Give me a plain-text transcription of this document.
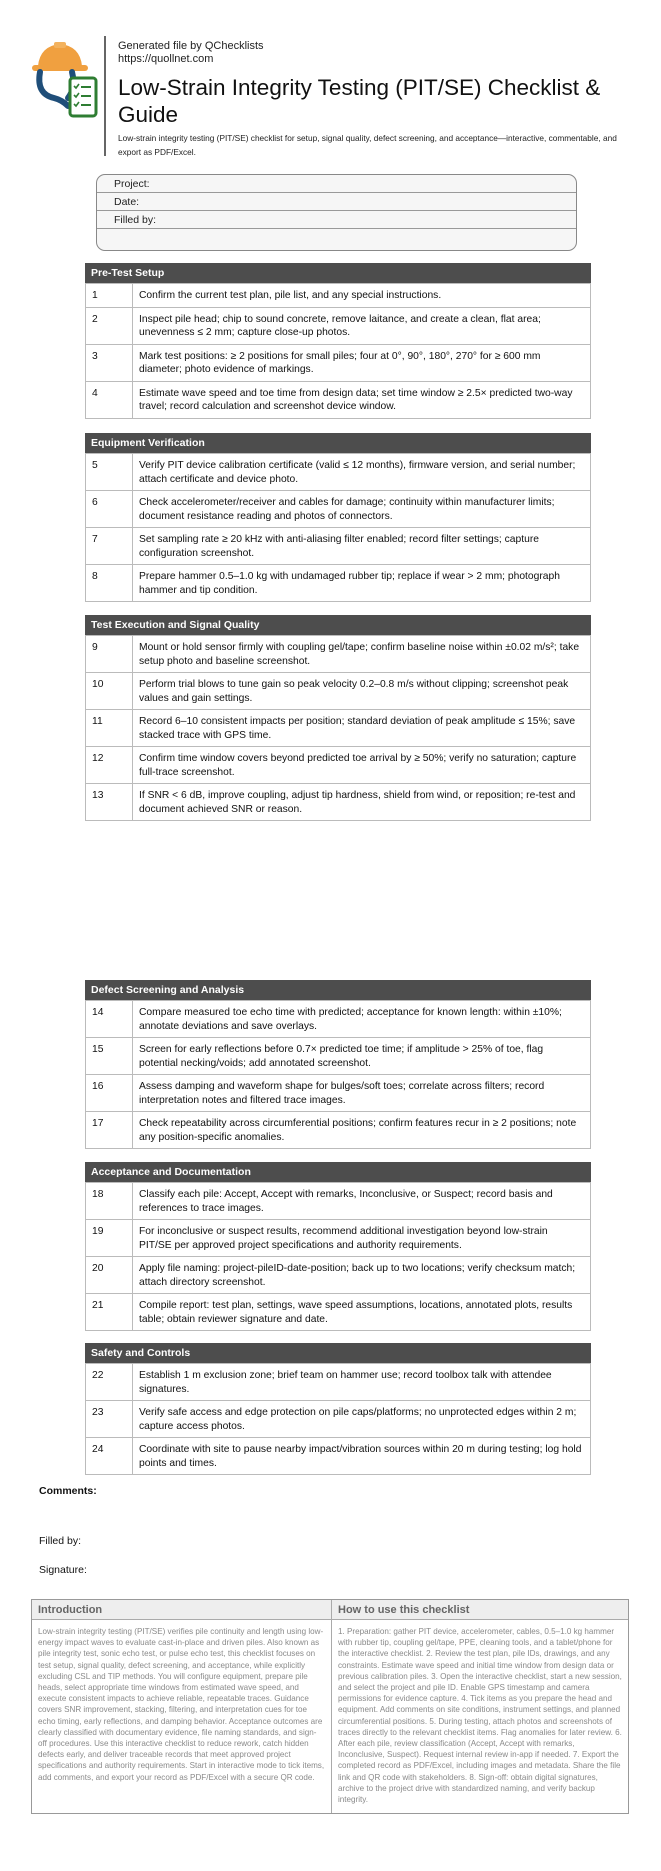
Generated file by QChecklists
https://quollnet.com
Low-Strain Integrity Testing (PIT/SE) Checklist & Guide
Low-strain integrity testing (PIT/SE) checklist for setup, signal quality, defect screening, and acceptance—interactive, commentable, and export as PDF/Excel.
Project:
Date:
Filled by:
Pre-Test Setup
1	Confirm the current test plan, pile list, and any special instructions.
2	Inspect pile head; chip to sound concrete, remove laitance, and create a clean, flat area; unevenness ≤ 2 mm; capture close-up photos.
3	Mark test positions: ≥ 2 positions for small piles; four at 0°, 90°, 180°, 270° for ≥ 600 mm diameter; photo evidence of markings.
4	Estimate wave speed and toe time from design data; set time window ≥ 2.5× predicted two-way travel; record calculation and screenshot device window.
Equipment Verification
5	Verify PIT device calibration certificate (valid ≤ 12 months), firmware version, and serial number; attach certificate and device photo.
6	Check accelerometer/receiver and cables for damage; continuity within manufacturer limits; document resistance reading and photos of connectors.
7	Set sampling rate ≥ 20 kHz with anti-aliasing filter enabled; record filter settings; capture configuration screenshot.
8	Prepare hammer 0.5–1.0 kg with undamaged rubber tip; replace if wear > 2 mm; photograph hammer and tip condition.
Test Execution and Signal Quality
9	Mount or hold sensor firmly with coupling gel/tape; confirm baseline noise within ±0.02 m/s²; take setup photo and baseline screenshot.
10	Perform trial blows to tune gain so peak velocity 0.2–0.8 m/s without clipping; screenshot peak values and gain settings.
11	Record 6–10 consistent impacts per position; standard deviation of peak amplitude ≤ 15%; save stacked trace with GPS time.
12	Confirm time window covers beyond predicted toe arrival by ≥ 50%; verify no saturation; capture full-trace screenshot.
13	If SNR < 6 dB, improve coupling, adjust tip hardness, shield from wind, or reposition; re-test and document achieved SNR or reason.
Defect Screening and Analysis
14	Compare measured toe echo time with predicted; acceptance for known length: within ±10%; annotate deviations and save overlays.
15	Screen for early reflections before 0.7× predicted toe time; if amplitude > 25% of toe, flag potential necking/voids; add annotated screenshot.
16	Assess damping and waveform shape for bulges/soft toes; correlate across filters; record interpretation notes and filtered trace images.
17	Check repeatability across circumferential positions; confirm features recur in ≥ 2 positions; note any position-specific anomalies.
Acceptance and Documentation
18	Classify each pile: Accept, Accept with remarks, Inconclusive, or Suspect; record basis and references to trace images.
19	For inconclusive or suspect results, recommend additional investigation beyond low-strain PIT/SE per approved project specifications and authority requirements.
20	Apply file naming: project-pileID-date-position; back up to two locations; verify checksum match; attach directory screenshot.
21	Compile report: test plan, settings, wave speed assumptions, locations, annotated plots, results table; obtain reviewer signature and date.
Safety and Controls
22	Establish 1 m exclusion zone; brief team on hammer use; record toolbox talk with attendee signatures.
23	Verify safe access and edge protection on pile caps/platforms; no unprotected edges within 2 m; capture access photos.
24	Coordinate with site to pause nearby impact/vibration sources within 20 m during testing; log hold points and times.
Comments:
Filled by:
Signature:
Introduction
Low-strain integrity testing (PIT/SE) verifies pile continuity and length using low-energy impact waves to evaluate cast-in-place and driven piles. Also known as pile integrity test, sonic echo test, or pulse echo test, this checklist focuses on test setup, signal quality, defect screening, and acceptance, while explicitly excluding CSL and TIP methods. You will configure equipment, prepare pile heads, select appropriate time windows from estimated wave speed, and execute consistent impacts to achieve reliable, repeatable traces. Guidance covers SNR improvement, stacking, filtering, and interpretation cues for toe echo timing, early reflections, and damping behavior. Acceptance outcomes are clearly classified with documentary evidence, file naming standards, and sign-off procedures. Use this interactive checklist to reduce rework, catch hidden defects early, and deliver traceable records that meet approved project specifications and authority requirements. Start in interactive mode to tick items, add comments, and export your record as PDF/Excel with a secure QR code.
How to use this checklist
1. Preparation: gather PIT device, accelerometer, cables, 0.5–1.0 kg hammer with rubber tip, coupling gel/tape, PPE, cleaning tools, and a tablet/phone for the interactive checklist. 2. Review the test plan, pile IDs, drawings, and any constraints. Estimate wave speed and initial time window from design data or previous calibration piles. 3. Open the interactive checklist, start a new session, and select the project and pile ID. Enable GPS timestamp and camera permissions for evidence capture. 4. Tick items as you prepare the head and equipment. Add comments on site conditions, instrument settings, and planned circumferential positions. 5. During testing, attach photos and screenshots of traces directly to the relevant checklist items. Flag anomalies for later review. 6. After each pile, review classification (Accept, Accept with remarks, Inconclusive, Suspect). Request internal review in-app if needed. 7. Export the completed record as PDF/Excel, including images and metadata. Share the file link and QR code with stakeholders. 8. Sign-off: obtain digital signatures, archive to the project drive with standardized naming, and verify backup integrity.
